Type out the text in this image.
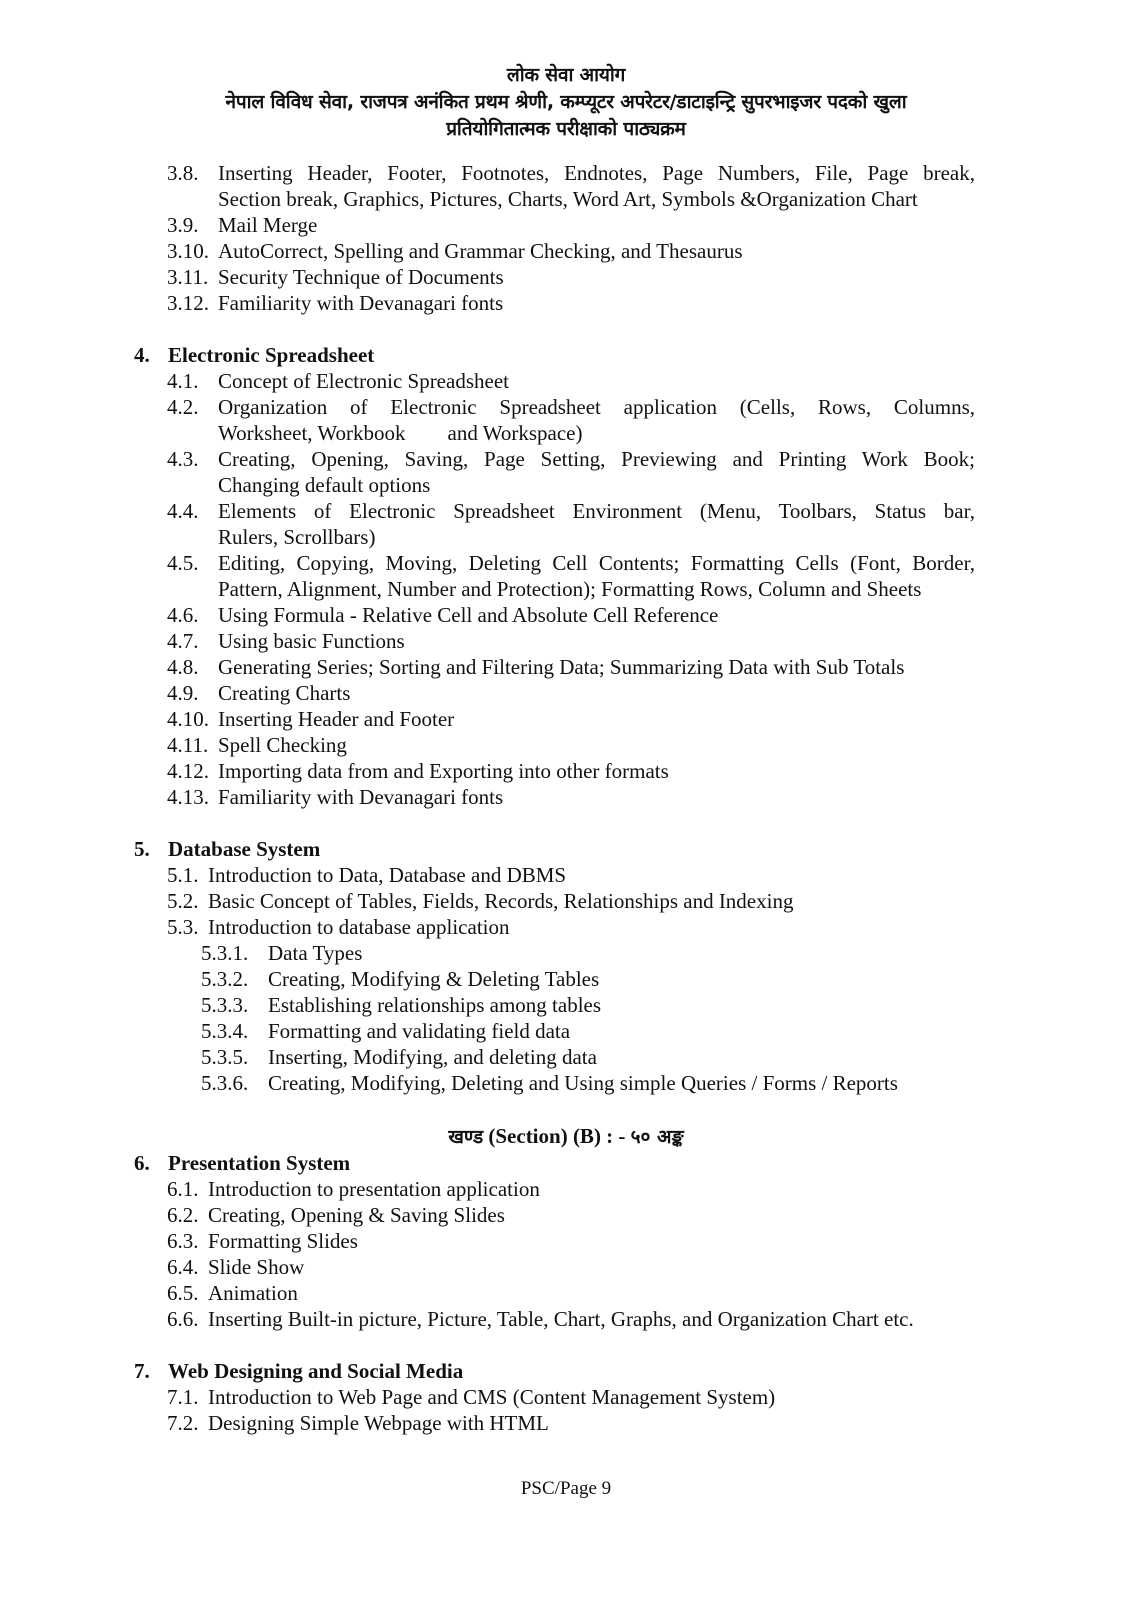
लोक सेवा आयोग
नेपाल विविध सेवा, राजपत्र अनंकित प्रथम श्रेणी, कम्प्यूटर अपरेटर/डाटाइन्ट्रि सुपरभाइजर पदको खुला
प्रतियोगितात्मक परीक्षाको पाठ्यक्रम
3.8. Inserting Header, Footer, Footnotes, Endnotes, Page Numbers, File, Page break,
Section break, Graphics, Pictures, Charts, Word Art, Symbols &Organization Chart
3.9. Mail Merge
3.10. AutoCorrect, Spelling and Grammar Checking, and Thesaurus
3.11. Security Technique of Documents
3.12. Familiarity with Devanagari fonts
4. Electronic Spreadsheet
4.1. Concept of Electronic Spreadsheet
4.2. Organization of Electronic Spreadsheet application (Cells, Rows, Columns,
Worksheet, Workbook        and Workspace)
4.3. Creating, Opening, Saving, Page Setting, Previewing and Printing Work Book;
Changing default options
4.4. Elements of Electronic Spreadsheet Environment (Menu, Toolbars, Status bar,
Rulers, Scrollbars)
4.5. Editing, Copying, Moving, Deleting Cell Contents; Formatting Cells (Font, Border,
Pattern, Alignment, Number and Protection); Formatting Rows, Column and Sheets
4.6. Using Formula - Relative Cell and Absolute Cell Reference
4.7. Using basic Functions
4.8. Generating Series; Sorting and Filtering Data; Summarizing Data with Sub Totals
4.9. Creating Charts
4.10. Inserting Header and Footer
4.11. Spell Checking
4.12. Importing data from and Exporting into other formats
4.13. Familiarity with Devanagari fonts
5. Database System
5.1. Introduction to Data, Database and DBMS
5.2. Basic Concept of Tables, Fields, Records, Relationships and Indexing
5.3. Introduction to database application
5.3.1. Data Types
5.3.2. Creating, Modifying & Deleting Tables
5.3.3. Establishing relationships among tables
5.3.4. Formatting and validating field data
5.3.5. Inserting, Modifying, and deleting data
5.3.6. Creating, Modifying, Deleting and Using simple Queries / Forms / Reports
खण्ड (Section) (B) : - ५० अङ्क
6. Presentation System
6.1. Introduction to presentation application
6.2. Creating, Opening & Saving Slides
6.3. Formatting Slides
6.4. Slide Show
6.5. Animation
6.6. Inserting Built-in picture, Picture, Table, Chart, Graphs, and Organization Chart etc.
7. Web Designing and Social Media
7.1. Introduction to Web Page and CMS (Content Management System)
7.2. Designing Simple Webpage with HTML
PSC/Page 9
